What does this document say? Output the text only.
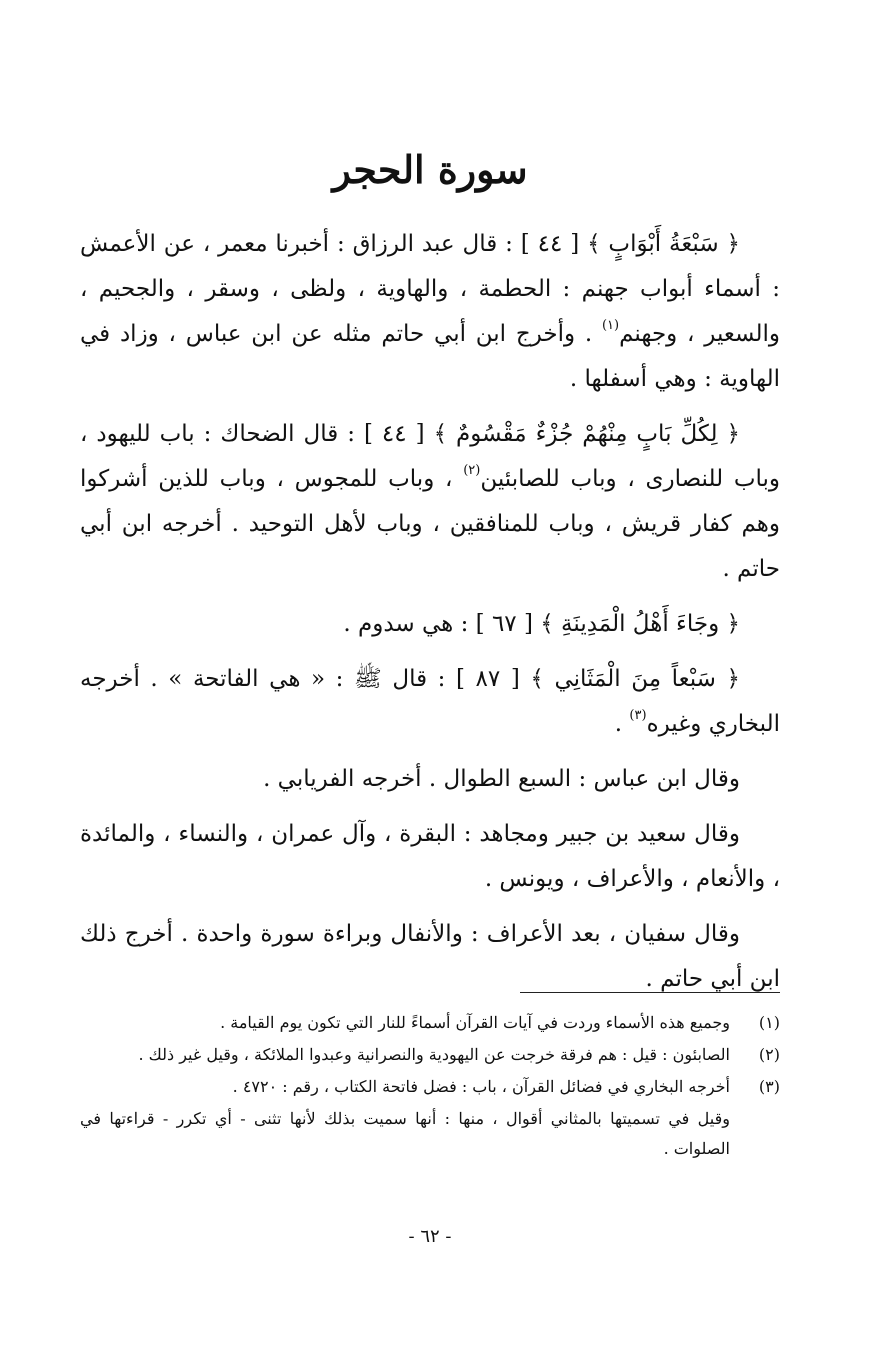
سورة الحجر

﴿ سَبْعَةُ أَبْوَابٍ ﴾ [ ٤٤ ] : قال عبد الرزاق : أخبرنا معمر ، عن الأعمش : أسماء أبواب جهنم : الحطمة ، والهاوية ، ولظى ، وسقر ، والجحيم ، والسعير ، وجهنم$^{(١)}$ . وأخرج ابن أبي حاتم مثله عن ابن عباس ، وزاد في الهاوية : وهي أسفلها .

﴿ لِكُلِّ بَابٍ مِنْهُمْ جُزْءٌ مَقْسُومٌ ﴾ [ ٤٤ ] : قال الضحاك : باب لليهود ، وباب للنصارى ، وباب للصابئين$^{(٢)}$ ، وباب للمجوس ، وباب للذين أشركوا وهم كفار قريش ، وباب للمنافقين ، وباب لأهل التوحيد . أخرجه ابن أبي حاتم .

﴿ وجَاءَ أَهْلُ الْمَدِينَةِ ﴾ [ ٦٧ ] : هي سدوم .

﴿ سَبْعاً مِنَ الْمَثَانِي ﴾ [ ٨٧ ] : قال ﷺ : « هي الفاتحة » . أخرجه البخاري وغيره$^{(٣)}$ .

وقال ابن عباس : السبع الطوال . أخرجه الفريابي .

وقال سعيد بن جبير ومجاهد : البقرة ، وآل عمران ، والنساء ، والمائدة ، والأنعام ، والأعراف ، ويونس .

وقال سفيان ، بعد الأعراف : والأنفال وبراءة سورة واحدة . أخرج ذلك ابن أبي حاتم .

(١)
وجميع هذه الأسماء وردت في آيات القرآن أسماءً للنار التي تكون يوم القيامة .
(٢)
الصابئون : قيل : هم فرقة خرجت عن اليهودية والنصرانية وعبدوا الملائكة ، وقيل غير ذلك .
(٣)
أخرجه البخاري في فضائل القرآن ، باب : فضل فاتحة الكتاب ، رقم : ٤٧٢٠ .
وقيل في تسميتها بالمثاني أقوال ، منها : أنها سميت بذلك لأنها تثنى - أي تكرر - قراءتها في الصلوات .
- ٦٢ -
